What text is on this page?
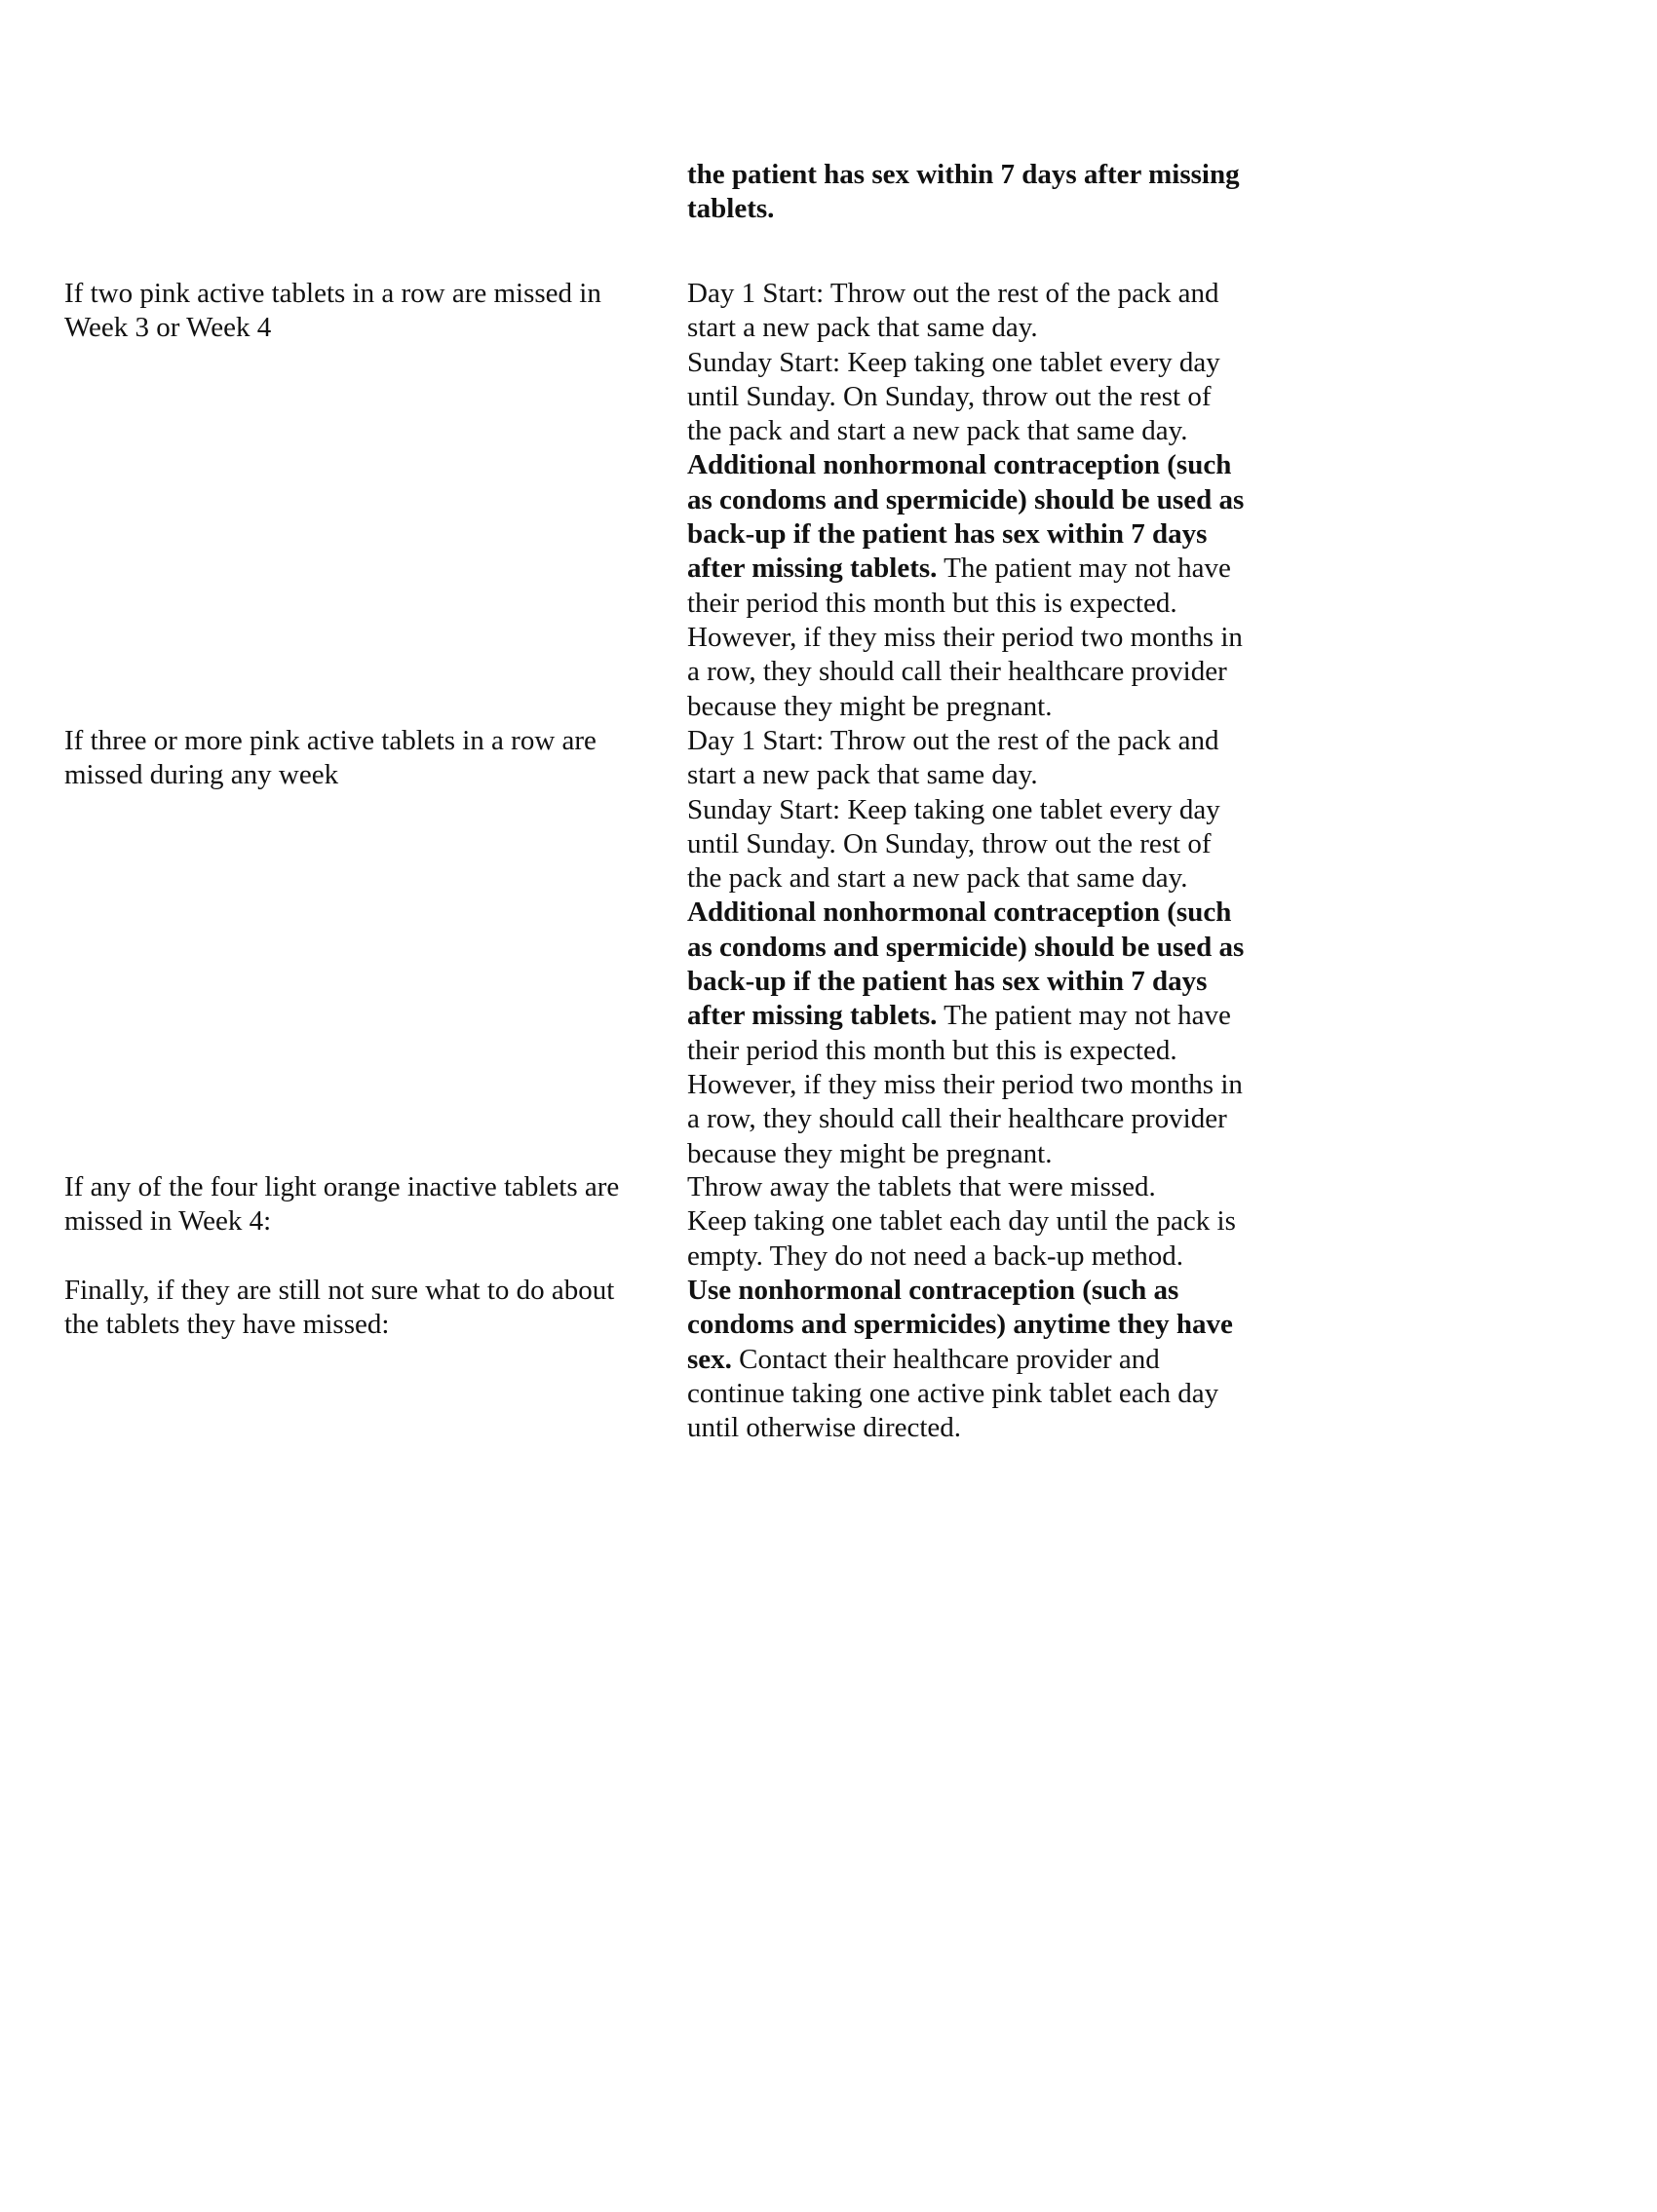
the patient has sex within 7 days after missing
tablets.
If two pink active tablets in a row are missed in
Week 3 or Week 4
Day 1 Start: Throw out the rest of the pack and
start a new pack that same day.
Sunday Start: Keep taking one tablet every day
until Sunday. On Sunday, throw out the rest of
the pack and start a new pack that same day.
Additional nonhormonal contraception (such
as condoms and spermicide) should be used as
back-up if the patient has sex within 7 days
after missing tablets. The patient may not have
their period this month but this is expected.
However, if they miss their period two months in
a row, they should call their healthcare provider
because they might be pregnant.
If three or more pink active tablets in a row are
missed during any week
Day 1 Start: Throw out the rest of the pack and
start a new pack that same day.
Sunday Start: Keep taking one tablet every day
until Sunday. On Sunday, throw out the rest of
the pack and start a new pack that same day.
Additional nonhormonal contraception (such
as condoms and spermicide) should be used as
back-up if the patient has sex within 7 days
after missing tablets. The patient may not have
their period this month but this is expected.
However, if they miss their period two months in
a row, they should call their healthcare provider
because they might be pregnant.
If any of the four light orange inactive tablets are
missed in Week 4:
Throw away the tablets that were missed.
Keep taking one tablet each day until the pack is
empty. They do not need a back-up method.
Finally, if they are still not sure what to do about
the tablets they have missed:
Use nonhormonal contraception (such as
condoms and spermicides) anytime they have
sex. Contact their healthcare provider and
continue taking one active pink tablet each day
until otherwise directed.
